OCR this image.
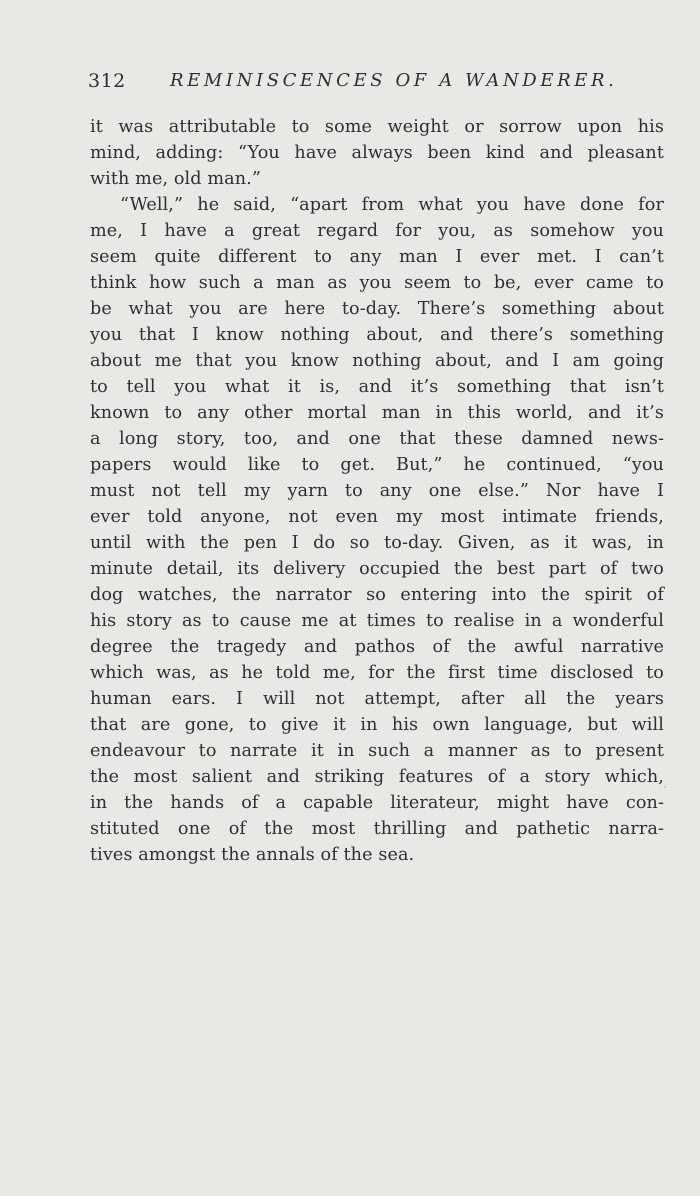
312 REMINISCENCES OF A WANDERER.
it was attributable to some weight or sorrow upon his
mind, adding: “You have always been kind and pleasant
with me, old man.”
“Well,” he said, “apart from what you have done for
me, I have a great regard for you, as somehow you
seem quite different to any man I ever met. I can’t
think how such a man as you seem to be, ever came to
be what you are here to-day. There’s something about
you that I know nothing about, and there’s something
about me that you know nothing about, and I am going
to tell you what it is, and it’s something that isn’t
known to any other mortal man in this world, and it’s
a long story, too, and one that these damned news-
papers would like to get. But,” he continued, “you
must not tell my yarn to any one else.” Nor have I
ever told anyone, not even my most intimate friends,
until with the pen I do so to-day. Given, as it was, in
minute detail, its delivery occupied the best part of two
dog watches, the narrator so entering into the spirit of
his story as to cause me at times to realise in a wonderful
degree the tragedy and pathos of the awful narrative
which was, as he told me, for the first time disclosed to
human ears. I will not attempt, after all the years
that are gone, to give it in his own language, but will
endeavour to narrate it in such a manner as to present
the most salient and striking features of a story which,
in the hands of a capable literateur, might have con-
stituted one of the most thrilling and pathetic narra-
tives amongst the annals of the sea.
